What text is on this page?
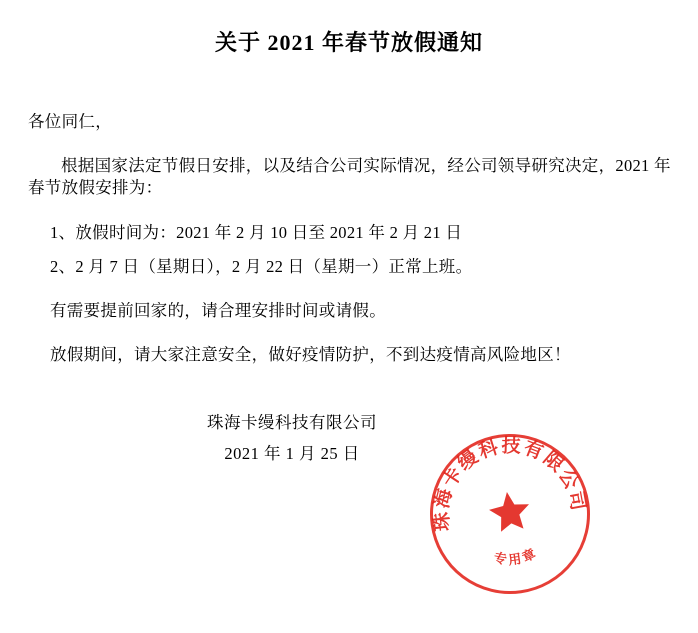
关于 2021 年春节放假通知

各位同仁，

根据国家法定节假日安排，以及结合公司实际情况，经公司领导研究决定，2021 年春节放假安排为：

1、放假时间为：2021 年 2 月 10 日至 2021 年 2 月 21 日

2、2 月 7 日（星期日），2 月 22 日（星期一）正常上班。

有需要提前回家的，请合理安排时间或请假。

放假期间，请大家注意安全，做好疫情防护，不到达疫情高风险地区！

珠海卡缦科技有限公司
2021 年 1 月 25 日
珠海卡缦科技有限公司
专用章
